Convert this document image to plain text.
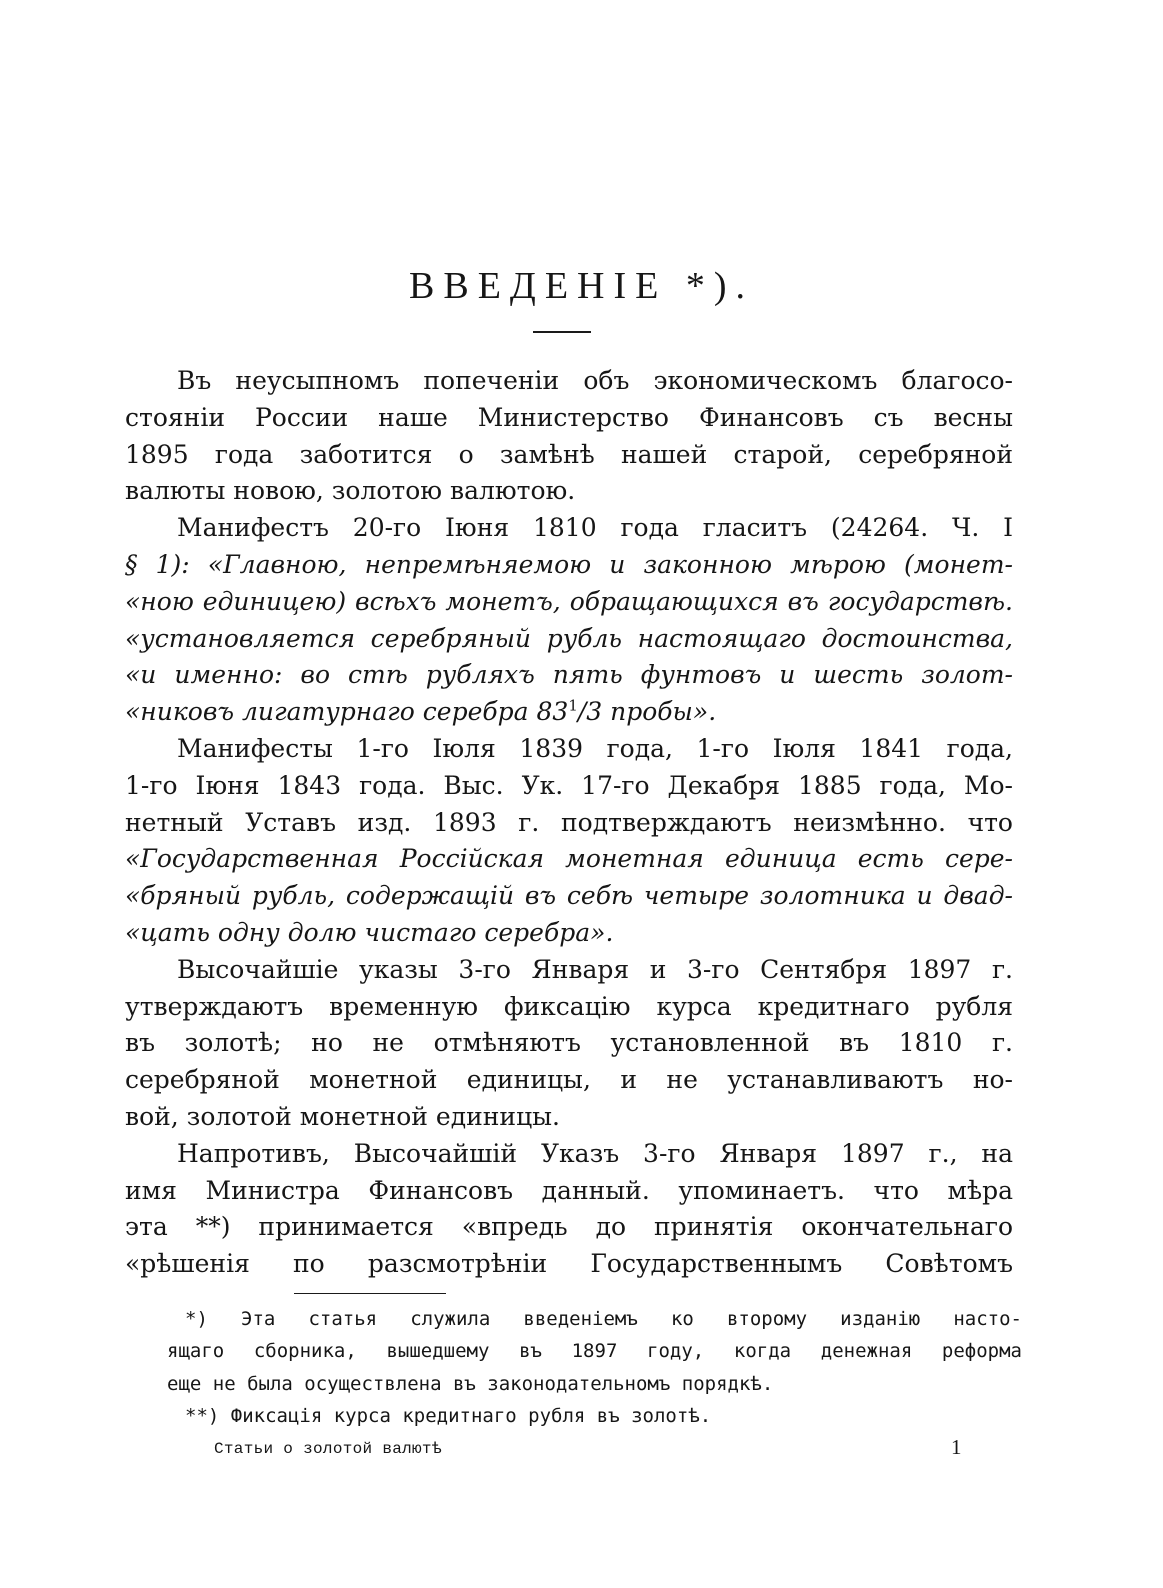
ВВЕДЕНІЕ *).
Въ неусыпномъ попеченіи объ экономическомъ благосо-
стояніи России наше Министерство Финансовъ съ весны
1895 года заботится о замѣнѣ нашей старой, серебряной
валюты новою, золотою валютою.
Манифестъ 20-го Іюня 1810 года гласитъ (24264. Ч. I
§ 1): «Главною, непремѣняемою и законною мѣрою (монет-
«ною единицею) всѣхъ монетъ, обращающихся въ государствѣ.
«установляется серебряный рубль настоящаго достоинства,
«и именно: во стѣ рубляхъ пять фунтовъ и шесть золот-
«никовъ лигатурнаго серебра $83^1/3$ пробы».
Манифесты 1-го Іюля 1839 года, 1-го Іюля 1841 года,
1-го Іюня 1843 года. Выс. Ук. 17-го Декабря 1885 года, Мо-
нетный Уставъ изд. 1893 г. подтверждаютъ неизмѣнно. что
«Государственная Россійская монетная единица есть сере-
«бряный рубль, содержащій въ себѣ четыре золотника и двад-
«цать одну долю чистаго серебра».
Высочайшіе указы 3-го Января и 3-го Сентября 1897 г.
утверждаютъ временную фиксацію курса кредитнаго рубля
въ золотѣ; но не отмѣняютъ установленной въ 1810 г.
серебряной монетной единицы, и не устанавливаютъ но-
вой, золотой монетной единицы.
Напротивъ, Высочайшій Указъ 3-го Января 1897 г., на
имя Министра Финансовъ данный. упоминаетъ. что мѣра
эта **) принимается «впредь до принятія окончательнаго
«рѣшенія по разсмотрѣніи Государственнымъ Совѣтомъ
*) Эта статья служила введеніемъ ко второму изданію насто-
ящаго сборника, вышедшему въ 1897 году, когда денежная реформа
еще не была осуществлена въ законодательномъ порядкѣ.
**) Фиксація курса кредитнаго рубля въ золотѣ.
Статьи о золотой валютѣ	1
